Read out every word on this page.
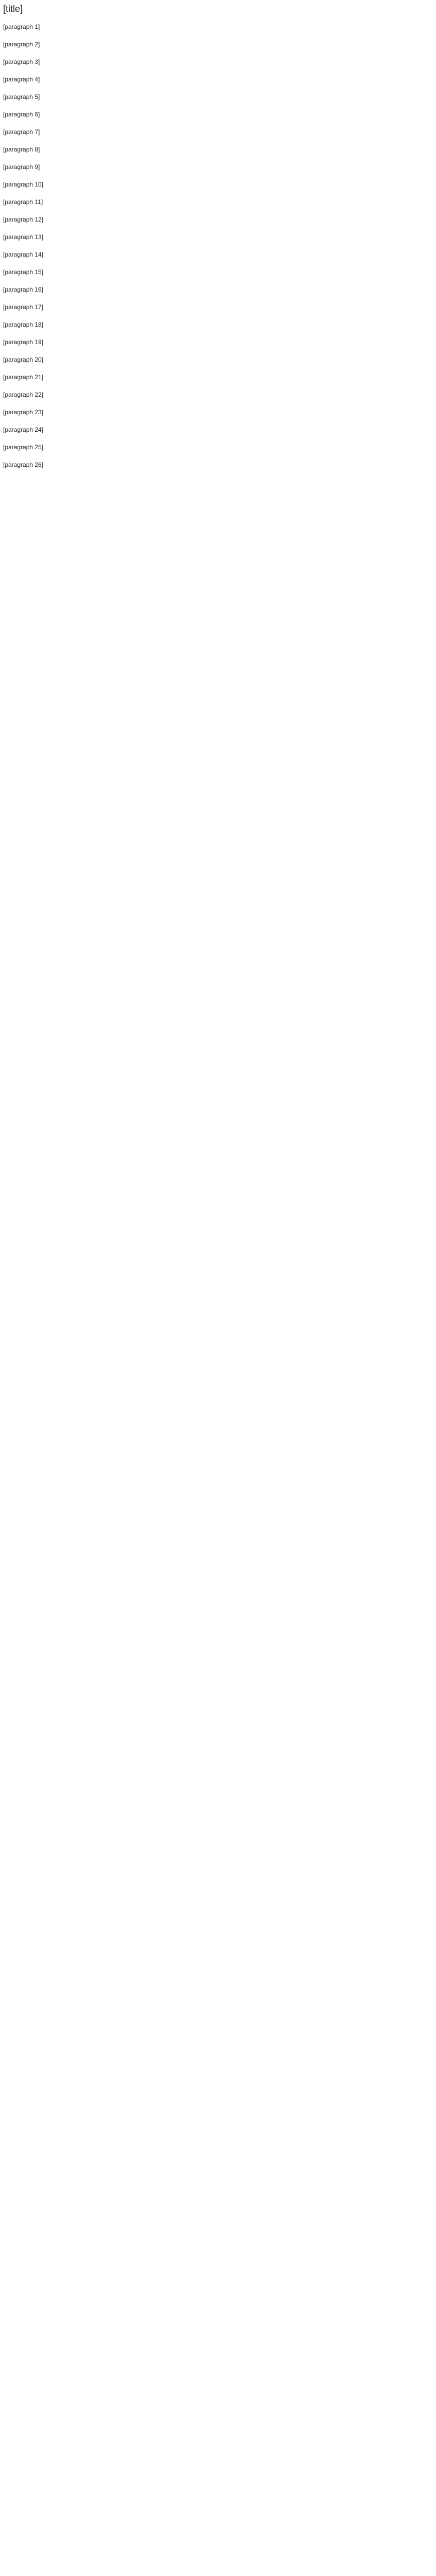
[title]

[paragraph 1]

[paragraph 2]

[paragraph 3]

[paragraph 4]

[paragraph 5]

[paragraph 6]

[paragraph 7]

[paragraph 8]

[paragraph 9]

[paragraph 10]

[paragraph 11]

[paragraph 12]

[paragraph 13]

[paragraph 14]

[paragraph 15]

[paragraph 16]

[paragraph 17]

[paragraph 18]

[paragraph 19]

[paragraph 20]

[paragraph 21]

[paragraph 22]

[paragraph 23]

[paragraph 24]

[paragraph 25]

[paragraph 26]
